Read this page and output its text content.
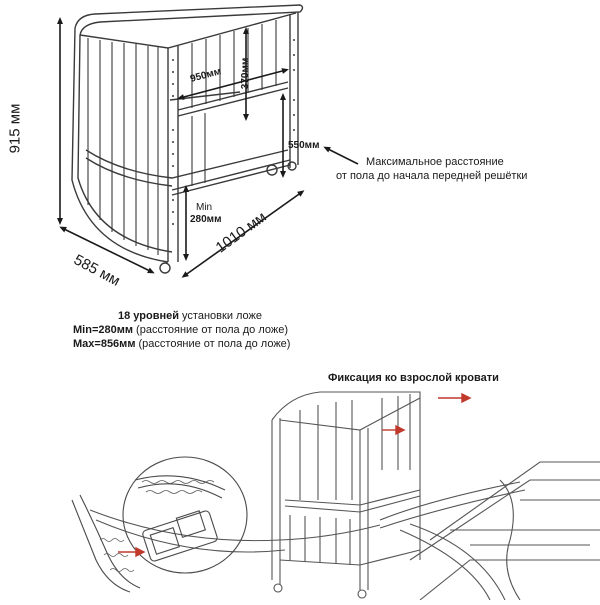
915 мм
950мм 370мм
550мм
Min
280мм
585 мм
1010 мм
Максимальное расстояние
от пола до начала передней решётки
18 уровней установки ложе
Min=280мм (расстояние от пола до ложе)
Max=856мм (расстояние от пола до ложе)
Фиксация ко взрослой кровати
